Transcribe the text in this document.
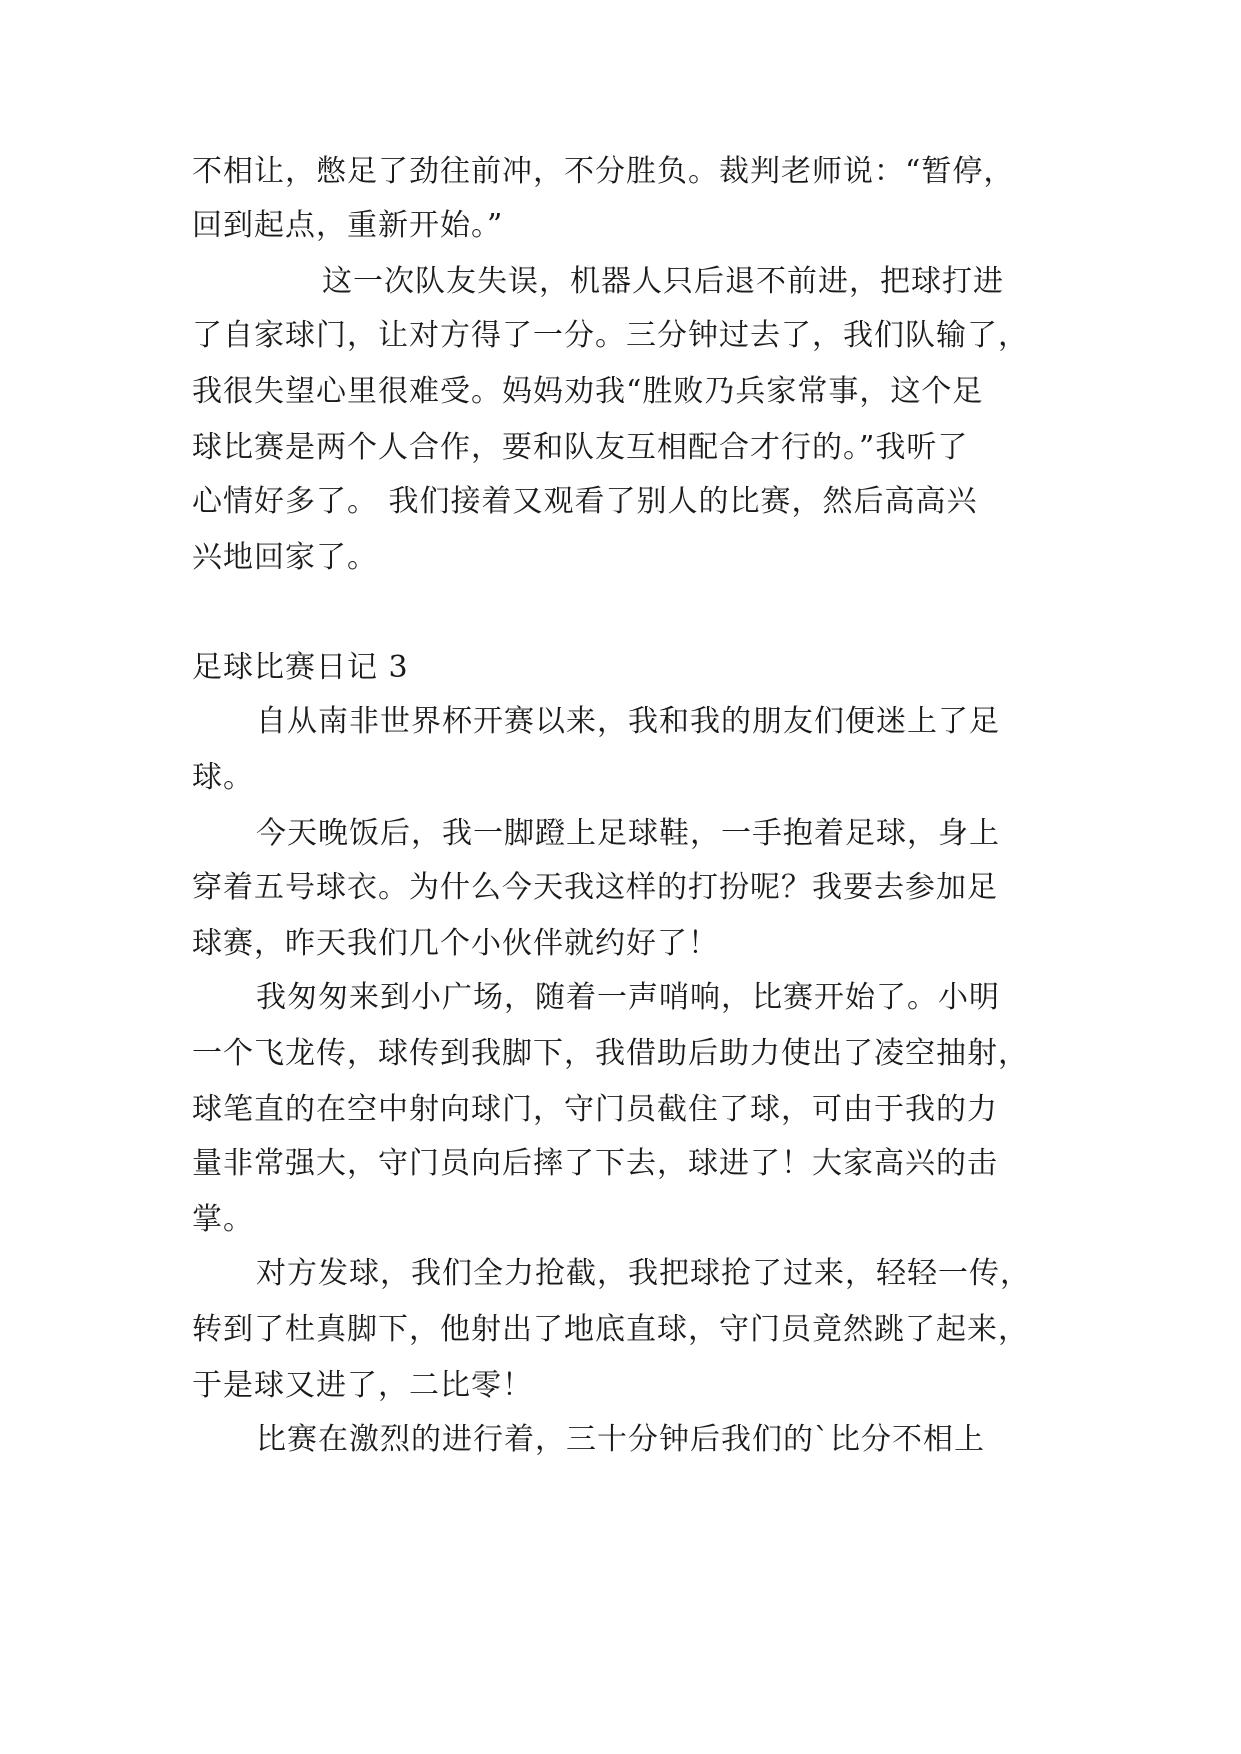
不相让，憋足了劲往前冲，不分胜负。裁判老师说：“暂停，
回到起点，重新开始。”
这一次队友失误，机器人只后退不前进，把球打进
了自家球门，让对方得了一分。三分钟过去了，我们队输了，
我很失望心里很难受。妈妈劝我“胜败乃兵家常事，这个足
球比赛是两个人合作，要和队友互相配合才行的。”我听了
心情好多了。 我们接着又观看了别人的比赛，然后高高兴
兴地回家了。
足球比赛日记 3
自从南非世界杯开赛以来，我和我的朋友们便迷上了足
球。
今天晚饭后，我一脚蹬上足球鞋，一手抱着足球，身上
穿着五号球衣。为什么今天我这样的打扮呢？我要去参加足
球赛，昨天我们几个小伙伴就约好了！
我匆匆来到小广场，随着一声哨响，比赛开始了。小明
一个飞龙传，球传到我脚下，我借助后助力使出了凌空抽射，
球笔直的在空中射向球门，守门员截住了球，可由于我的力
量非常强大，守门员向后摔了下去，球进了！大家高兴的击
掌。
对方发球，我们全力抢截，我把球抢了过来，轻轻一传，
转到了杜真脚下，他射出了地底直球，守门员竟然跳了起来，
于是球又进了，二比零！
比赛在激烈的进行着，三十分钟后我们的`比分不相上
